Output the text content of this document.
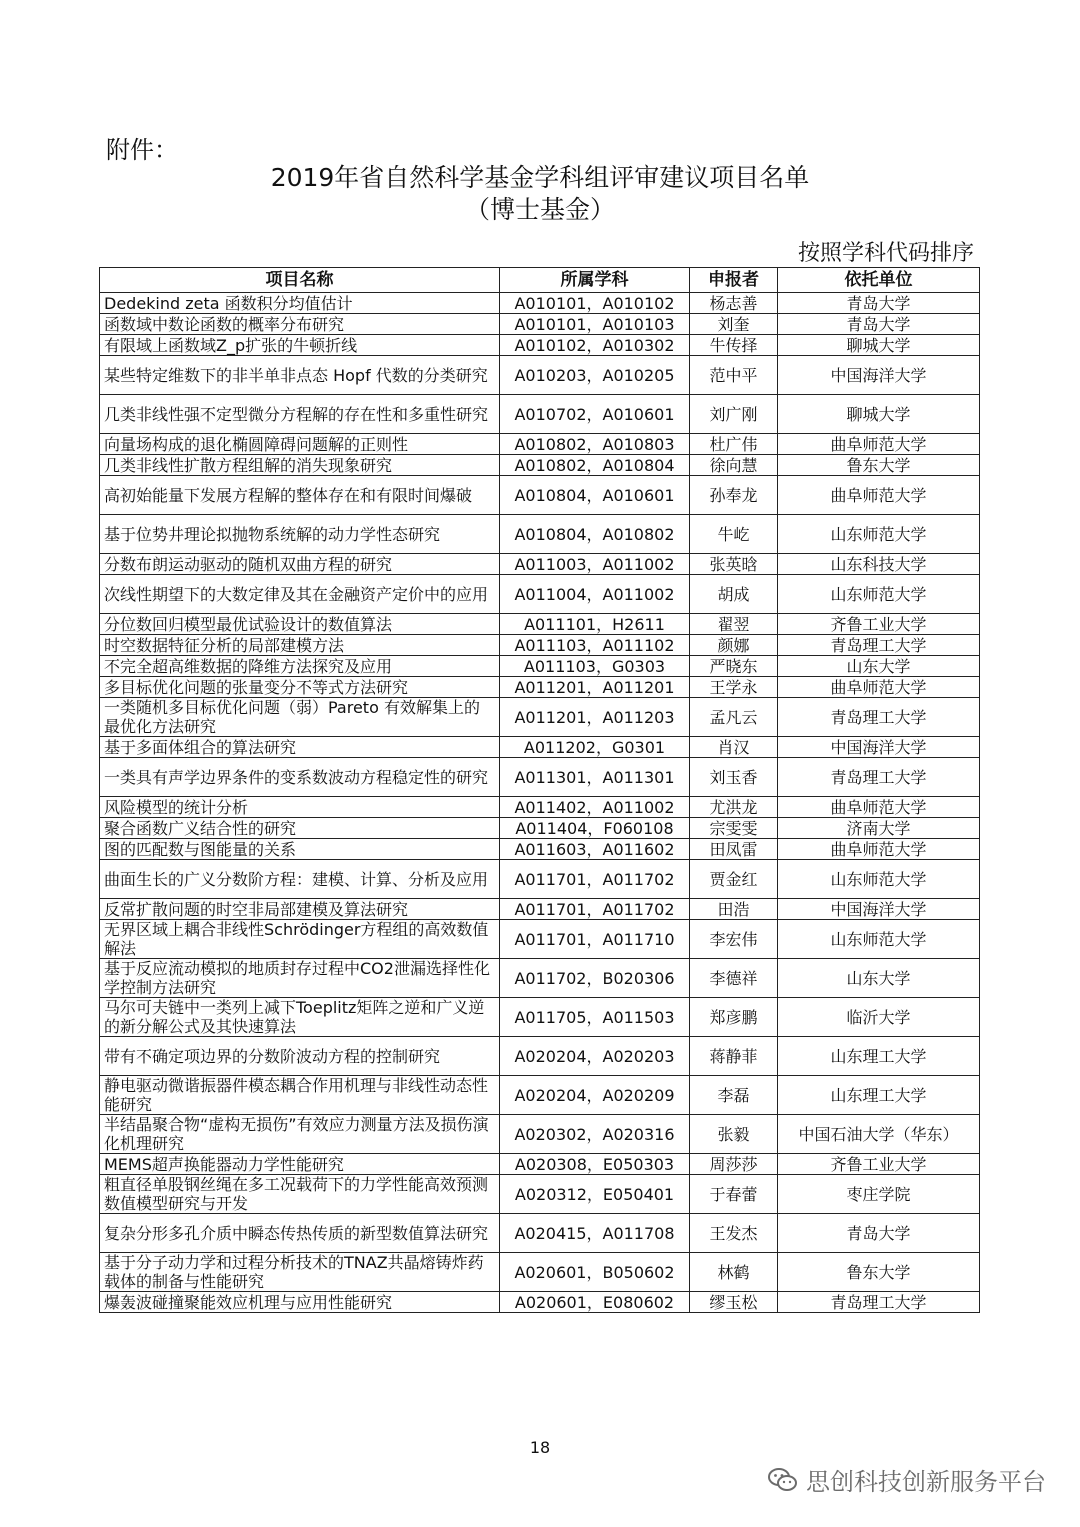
附件：
2019年省自然科学基金学科组评审建议项目名单
（博士基金）
按照学科代码排序
项目名称	所属学科	申报者	依托单位
Dedekind zeta 函数积分均值估计	A010101，A010102	杨志善	青岛大学
函数域中数论函数的概率分布研究	A010101，A010103	刘奎	青岛大学
有限域上函数域Z_p扩张的牛顿折线	A010102，A010302	牛传择	聊城大学
某些特定维数下的非半单非点态 Hopf 代数的分类研究	A010203，A010205	范中平	中国海洋大学
几类非线性强不定型微分方程解的存在性和多重性研究	A010702，A010601	刘广刚	聊城大学
向量场构成的退化椭圆障碍问题解的正则性	A010802，A010803	杜广伟	曲阜师范大学
几类非线性扩散方程组解的消失现象研究	A010802，A010804	徐向慧	鲁东大学
高初始能量下发展方程解的整体存在和有限时间爆破	A010804，A010601	孙奉龙	曲阜师范大学
基于位势井理论拟抛物系统解的动力学性态研究	A010804，A010802	牛屹	山东师范大学
分数布朗运动驱动的随机双曲方程的研究	A011003，A011002	张英晗	山东科技大学
次线性期望下的大数定律及其在金融资产定价中的应用	A011004，A011002	胡成	山东师范大学
分位数回归模型最优试验设计的数值算法	A011101，H2611	翟翌	齐鲁工业大学
时空数据特征分析的局部建模方法	A011103，A011102	颜娜	青岛理工大学
不完全超高维数据的降维方法探究及应用	A011103，G0303	严晓东	山东大学
多目标优化问题的张量变分不等式方法研究	A011201，A011201	王学永	曲阜师范大学
一类随机多目标优化问题（弱）Pareto 有效解集上的最优化方法研究	A011201，A011203	孟凡云	青岛理工大学
基于多面体组合的算法研究	A011202，G0301	肖汉	中国海洋大学
一类具有声学边界条件的变系数波动方程稳定性的研究	A011301，A011301	刘玉香	青岛理工大学
风险模型的统计分析	A011402，A011002	尤洪龙	曲阜师范大学
聚合函数广义结合性的研究	A011404，F060108	宗雯雯	济南大学
图的匹配数与图能量的关系	A011603，A011602	田凤雷	曲阜师范大学
曲面生长的广义分数阶方程：建模、计算、分析及应用	A011701，A011702	贾金红	山东师范大学
反常扩散问题的时空非局部建模及算法研究	A011701，A011702	田浩	中国海洋大学
无界区域上耦合非线性Schrödinger方程组的高效数值解法	A011701，A011710	李宏伟	山东师范大学
基于反应流动模拟的地质封存过程中CO2泄漏选择性化学控制方法研究	A011702，B020306	李德祥	山东大学
马尔可夫链中一类列上减下Toeplitz矩阵之逆和广义逆的新分解公式及其快速算法	A011705，A011503	郑彦鹏	临沂大学
带有不确定项边界的分数阶波动方程的控制研究	A020204，A020203	蒋静菲	山东理工大学
静电驱动微谐振器件模态耦合作用机理与非线性动态性能研究	A020204，A020209	李磊	山东理工大学
半结晶聚合物“虚构无损伤”有效应力测量方法及损伤演化机理研究	A020302，A020316	张毅	中国石油大学（华东）
MEMS超声换能器动力学性能研究	A020308，E050303	周莎莎	齐鲁工业大学
粗直径单股钢丝绳在多工况载荷下的力学性能高效预测数值模型研究与开发	A020312，E050401	于春蕾	枣庄学院
复杂分形多孔介质中瞬态传热传质的新型数值算法研究	A020415，A011708	王发杰	青岛大学
基于分子动力学和过程分析技术的TNAZ共晶熔铸炸药载体的制备与性能研究	A020601，B050602	林鹤	鲁东大学
爆轰波碰撞聚能效应机理与应用性能研究	A020601，E080602	缪玉松	青岛理工大学
18
思创科技创新服务平台
